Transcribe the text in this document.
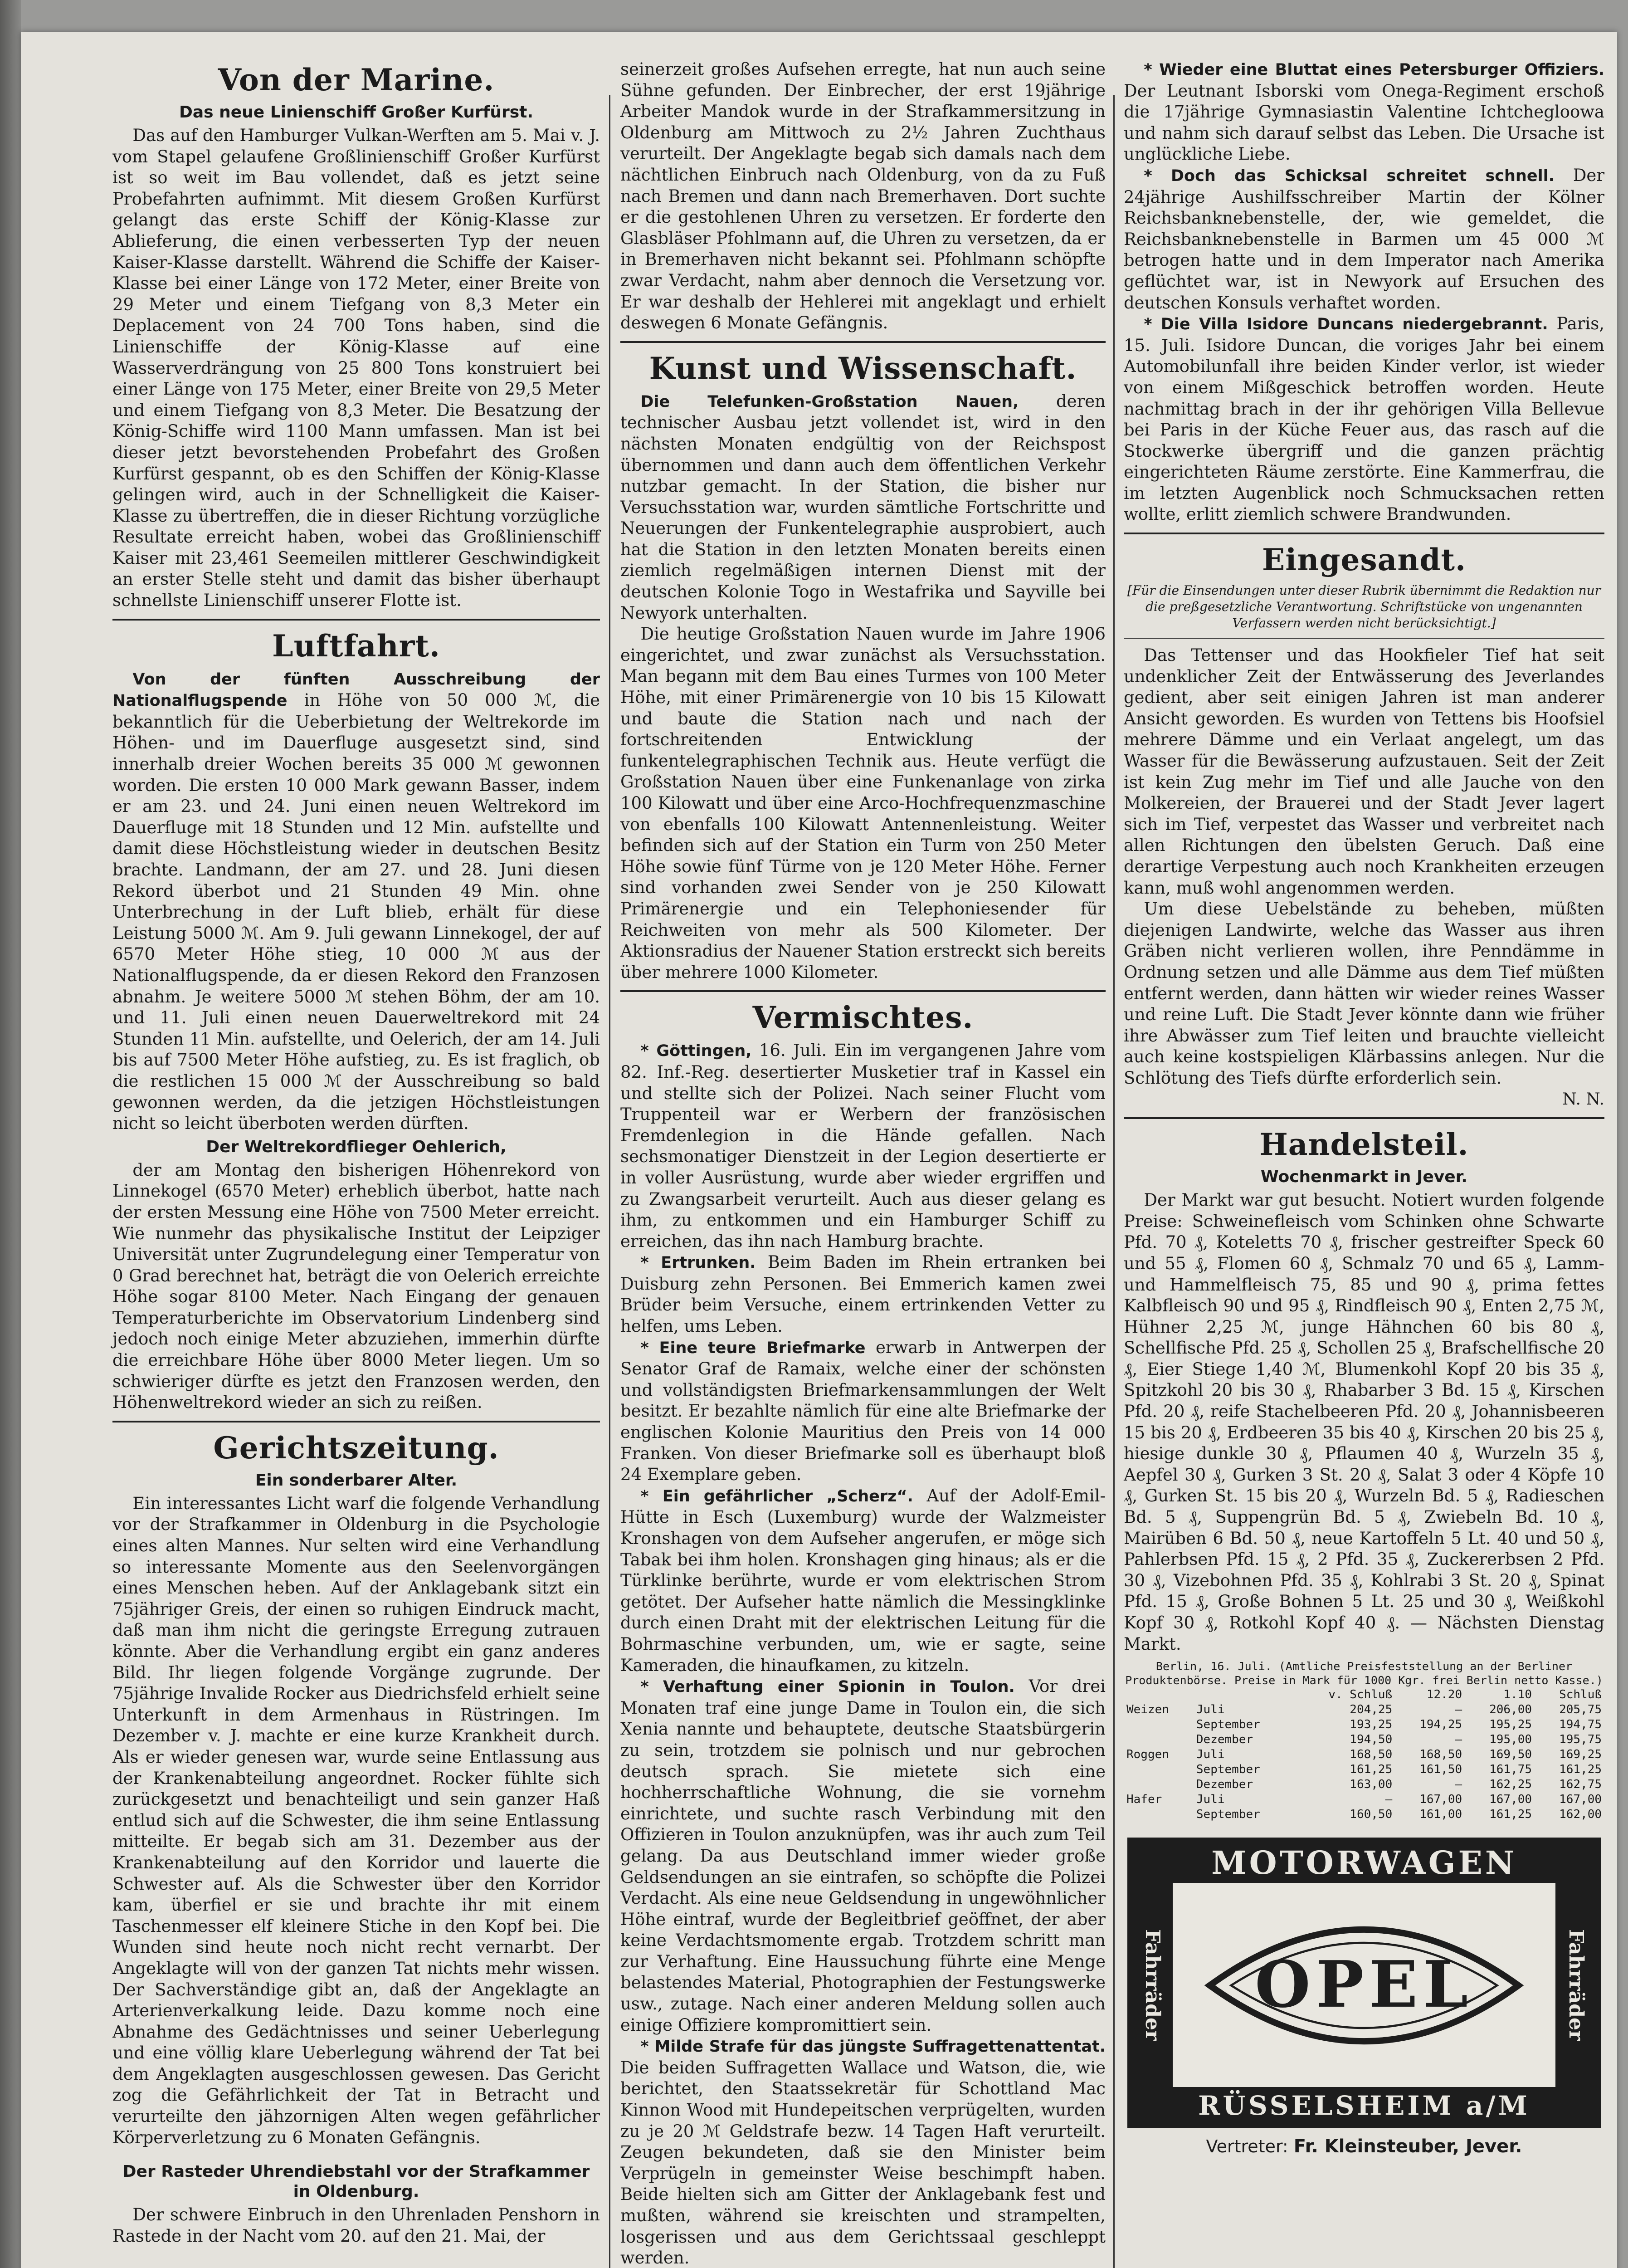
Von der Marine.
Das neue Linienschiff Großer Kurfürst.

Das auf den Hamburger Vulkan-Werften am 5. Mai v. J. vom Stapel gelaufene Großlinienschiff Großer Kurfürst ist so weit im Bau vollendet, daß es jetzt seine Probefahrten aufnimmt. Mit diesem Großen Kurfürst gelangt das erste Schiff der König-Klasse zur Ablieferung, die einen verbesserten Typ der neuen Kaiser-Klasse darstellt. Während die Schiffe der Kaiser-Klasse bei einer Länge von 172 Meter, einer Breite von 29 Meter und einem Tiefgang von 8,3 Meter ein Deplacement von 24 700 Tons haben, sind die Linienschiffe der König-Klasse auf eine Wasserverdrängung von 25 800 Tons konstruiert bei einer Länge von 175 Meter, einer Breite von 29,5 Meter und einem Tiefgang von 8,3 Meter. Die Besatzung der König-Schiffe wird 1100 Mann umfassen. Man ist bei dieser jetzt bevorstehenden Probefahrt des Großen Kurfürst gespannt, ob es den Schiffen der König-Klasse gelingen wird, auch in der Schnelligkeit die Kaiser-Klasse zu übertreffen, die in dieser Richtung vorzügliche Resultate erreicht haben, wobei das Großlinienschiff Kaiser mit 23,461 Seemeilen mittlerer Geschwindigkeit an erster Stelle steht und damit das bisher überhaupt schnellste Linienschiff unserer Flotte ist.

Luftfahrt.

Von der fünften Ausschreibung der Nationalflugspende in Höhe von 50 000 ℳ, die bekanntlich für die Ueberbietung der Weltrekorde im Höhen- und im Dauerfluge ausgesetzt sind, sind innerhalb dreier Wochen bereits 35 000 ℳ gewonnen worden. Die ersten 10 000 Mark gewann Basser, indem er am 23. und 24. Juni einen neuen Weltrekord im Dauerfluge mit 18 Stunden und 12 Min. aufstellte und damit diese Höchstleistung wieder in deutschen Besitz brachte. Landmann, der am 27. und 28. Juni diesen Rekord überbot und 21 Stunden 49 Min. ohne Unterbrechung in der Luft blieb, erhält für diese Leistung 5000 ℳ. Am 9. Juli gewann Linnekogel, der auf 6570 Meter Höhe stieg, 10 000 ℳ aus der Nationalflugspende, da er diesen Rekord den Franzosen abnahm. Je weitere 5000 ℳ stehen Böhm, der am 10. und 11. Juli einen neuen Dauerweltrekord mit 24 Stunden 11 Min. aufstellte, und Oelerich, der am 14. Juli bis auf 7500 Meter Höhe aufstieg, zu. Es ist fraglich, ob die restlichen 15 000 ℳ der Ausschreibung so bald gewonnen werden, da die jetzigen Höchstleistungen nicht so leicht überboten werden dürften.

Der Weltrekordflieger Oehlerich,

der am Montag den bisherigen Höhenrekord von Linnekogel (6570 Meter) erheblich überbot, hatte nach der ersten Messung eine Höhe von 7500 Meter erreicht. Wie nunmehr das physikalische Institut der Leipziger Universität unter Zugrundelegung einer Temperatur von 0 Grad berechnet hat, beträgt die von Oelerich erreichte Höhe sogar 8100 Meter. Nach Eingang der genauen Temperaturberichte im Observatorium Lindenberg sind jedoch noch einige Meter abzuziehen, immerhin dürfte die erreichbare Höhe über 8000 Meter liegen. Um so schwieriger dürfte es jetzt den Franzosen werden, den Höhenweltrekord wieder an sich zu reißen.

Gerichtszeitung.
Ein sonderbarer Alter.

Ein interessantes Licht warf die folgende Verhandlung vor der Strafkammer in Oldenburg in die Psychologie eines alten Mannes. Nur selten wird eine Verhandlung so interessante Momente aus den Seelenvorgängen eines Menschen heben. Auf der Anklagebank sitzt ein 75jähriger Greis, der einen so ruhigen Eindruck macht, daß man ihm nicht die geringste Erregung zutrauen könnte. Aber die Verhandlung ergibt ein ganz anderes Bild. Ihr liegen folgende Vorgänge zugrunde. Der 75jährige Invalide Rocker aus Diedrichsfeld erhielt seine Unterkunft in dem Armenhaus in Rüstringen. Im Dezember v. J. machte er eine kurze Krankheit durch. Als er wieder genesen war, wurde seine Entlassung aus der Krankenabteilung angeordnet. Rocker fühlte sich zurückgesetzt und benachteiligt und sein ganzer Haß entlud sich auf die Schwester, die ihm seine Entlassung mitteilte. Er begab sich am 31. Dezember aus der Krankenabteilung auf den Korridor und lauerte die Schwester auf. Als die Schwester über den Korridor kam, überfiel er sie und brachte ihr mit einem Taschenmesser elf kleinere Stiche in den Kopf bei. Die Wunden sind heute noch nicht recht vernarbt. Der Angeklagte will von der ganzen Tat nichts mehr wissen. Der Sachverständige gibt an, daß der Angeklagte an Arterienverkalkung leide. Dazu komme noch eine Abnahme des Gedächtnisses und seiner Ueberlegung und eine völlig klare Ueberlegung während der Tat bei dem Angeklagten ausgeschlossen gewesen. Das Gericht zog die Gefährlichkeit der Tat in Betracht und verurteilte den jähzornigen Alten wegen gefährlicher Körperverletzung zu 6 Monaten Gefängnis.

Der Rasteder Uhrendiebstahl vor der Strafkammer in Oldenburg.

Der schwere Einbruch in den Uhrenladen Penshorn in Rastede in der Nacht vom 20. auf den 21. Mai, der

seinerzeit großes Aufsehen erregte, hat nun auch seine Sühne gefunden. Der Einbrecher, der erst 19jährige Arbeiter Mandok wurde in der Strafkammersitzung in Oldenburg am Mittwoch zu 2½ Jahren Zuchthaus verurteilt. Der Angeklagte begab sich damals nach dem nächtlichen Einbruch nach Oldenburg, von da zu Fuß nach Bremen und dann nach Bremerhaven. Dort suchte er die gestohlenen Uhren zu versetzen. Er forderte den Glasbläser Pfohlmann auf, die Uhren zu versetzen, da er in Bremerhaven nicht bekannt sei. Pfohlmann schöpfte zwar Verdacht, nahm aber dennoch die Versetzung vor. Er war deshalb der Hehlerei mit angeklagt und erhielt deswegen 6 Monate Gefängnis.

Kunst und Wissenschaft.

Die Telefunken-Großstation Nauen, deren technischer Ausbau jetzt vollendet ist, wird in den nächsten Monaten endgültig von der Reichspost übernommen und dann auch dem öffentlichen Verkehr nutzbar gemacht. In der Station, die bisher nur Versuchsstation war, wurden sämtliche Fortschritte und Neuerungen der Funkentelegraphie ausprobiert, auch hat die Station in den letzten Monaten bereits einen ziemlich regelmäßigen internen Dienst mit der deutschen Kolonie Togo in Westafrika und Sayville bei Newyork unterhalten.

Die heutige Großstation Nauen wurde im Jahre 1906 eingerichtet, und zwar zunächst als Versuchsstation. Man begann mit dem Bau eines Turmes von 100 Meter Höhe, mit einer Primärenergie von 10 bis 15 Kilowatt und baute die Station nach und nach der fortschreitenden Entwicklung der funkentelegraphischen Technik aus. Heute verfügt die Großstation Nauen über eine Funkenanlage von zirka 100 Kilowatt und über eine Arco-Hochfrequenzmaschine von ebenfalls 100 Kilowatt Antennenleistung. Weiter befinden sich auf der Station ein Turm von 250 Meter Höhe sowie fünf Türme von je 120 Meter Höhe. Ferner sind vorhanden zwei Sender von je 250 Kilowatt Primärenergie und ein Telephoniesender für Reichweiten von mehr als 500 Kilometer. Der Aktionsradius der Nauener Station erstreckt sich bereits über mehrere 1000 Kilometer.

Vermischtes.

* Göttingen, 16. Juli. Ein im vergangenen Jahre vom 82. Inf.-Reg. desertierter Musketier traf in Kassel ein und stellte sich der Polizei. Nach seiner Flucht vom Truppenteil war er Werbern der französischen Fremdenlegion in die Hände gefallen. Nach sechsmonatiger Dienstzeit in der Legion desertierte er in voller Ausrüstung, wurde aber wieder ergriffen und zu Zwangsarbeit verurteilt. Auch aus dieser gelang es ihm, zu entkommen und ein Hamburger Schiff zu erreichen, das ihn nach Hamburg brachte.

* Ertrunken. Beim Baden im Rhein ertranken bei Duisburg zehn Personen. Bei Emmerich kamen zwei Brüder beim Versuche, einem ertrinkenden Vetter zu helfen, ums Leben.

* Eine teure Briefmarke erwarb in Antwerpen der Senator Graf de Ramaix, welche einer der schönsten und vollständigsten Briefmarkensammlungen der Welt besitzt. Er bezahlte nämlich für eine alte Briefmarke der englischen Kolonie Mauritius den Preis von 14 000 Franken. Von dieser Briefmarke soll es überhaupt bloß 24 Exemplare geben.

* Ein gefährlicher „Scherz“. Auf der Adolf-Emil-Hütte in Esch (Luxemburg) wurde der Walzmeister Kronshagen von dem Aufseher angerufen, er möge sich Tabak bei ihm holen. Kronshagen ging hinaus; als er die Türklinke berührte, wurde er vom elektrischen Strom getötet. Der Aufseher hatte nämlich die Messingklinke durch einen Draht mit der elektrischen Leitung für die Bohrmaschine verbunden, um, wie er sagte, seine Kameraden, die hinaufkamen, zu kitzeln.

* Verhaftung einer Spionin in Toulon. Vor drei Monaten traf eine junge Dame in Toulon ein, die sich Xenia nannte und behauptete, deutsche Staatsbürgerin zu sein, trotzdem sie polnisch und nur gebrochen deutsch sprach. Sie mietete sich eine hochherrschaftliche Wohnung, die sie vornehm einrichtete, und suchte rasch Verbindung mit den Offizieren in Toulon anzuknüpfen, was ihr auch zum Teil gelang. Da aus Deutschland immer wieder große Geldsendungen an sie eintrafen, so schöpfte die Polizei Verdacht. Als eine neue Geldsendung in ungewöhnlicher Höhe eintraf, wurde der Begleitbrief geöffnet, der aber keine Verdachtsmomente ergab. Trotzdem schritt man zur Verhaftung. Eine Haussuchung führte eine Menge belastendes Material, Photographien der Festungswerke usw., zutage. Nach einer anderen Meldung sollen auch einige Offiziere kompromittiert sein.

* Milde Strafe für das jüngste Suffragettenattentat. Die beiden Suffragetten Wallace und Watson, die, wie berichtet, den Staatssekretär für Schottland Mac Kinnon Wood mit Hundepeitschen verprügelten, wurden zu je 20 ℳ Geldstrafe bezw. 14 Tagen Haft verurteilt. Zeugen bekundeten, daß sie den Minister beim Verprügeln in gemeinster Weise beschimpft haben. Beide hielten sich am Gitter der Anklagebank fest und mußten, während sie kreischten und strampelten, losgerissen und aus dem Gerichtssaal geschleppt werden.

* Wieder eine Bluttat eines Petersburger Offiziers. Der Leutnant Isborski vom Onega-Regiment erschoß die 17jährige Gymnasiastin Valentine Ichtchegloowa und nahm sich darauf selbst das Leben. Die Ursache ist unglückliche Liebe.

* Doch das Schicksal schreitet schnell. Der 24jährige Aushilfsschreiber Martin der Kölner Reichsbanknebenstelle, der, wie gemeldet, die Reichsbanknebenstelle in Barmen um 45 000 ℳ betrogen hatte und in dem Imperator nach Amerika geflüchtet war, ist in Newyork auf Ersuchen des deutschen Konsuls verhaftet worden.

* Die Villa Isidore Duncans niedergebrannt. Paris, 15. Juli. Isidore Duncan, die voriges Jahr bei einem Automobilunfall ihre beiden Kinder verlor, ist wieder von einem Mißgeschick betroffen worden. Heute nachmittag brach in der ihr gehörigen Villa Bellevue bei Paris in der Küche Feuer aus, das rasch auf die Stockwerke übergriff und die ganzen prächtig eingerichteten Räume zerstörte. Eine Kammerfrau, die im letzten Augenblick noch Schmucksachen retten wollte, erlitt ziemlich schwere Brandwunden.

Eingesandt.
[Für die Einsendungen unter dieser Rubrik übernimmt die Redaktion nur die preßgesetzliche Verantwortung. Schriftstücke von ungenannten Verfassern werden nicht berücksichtigt.]

Das Tettenser und das Hookfieler Tief hat seit undenklicher Zeit der Entwässerung des Jeverlandes gedient, aber seit einigen Jahren ist man anderer Ansicht geworden. Es wurden von Tettens bis Hoofsiel mehrere Dämme und ein Verlaat angelegt, um das Wasser für die Bewässerung aufzustauen. Seit der Zeit ist kein Zug mehr im Tief und alle Jauche von den Molkereien, der Brauerei und der Stadt Jever lagert sich im Tief, verpestet das Wasser und verbreitet nach allen Richtungen den übelsten Geruch. Daß eine derartige Verpestung auch noch Krankheiten erzeugen kann, muß wohl angenommen werden.

Um diese Uebelstände zu beheben, müßten diejenigen Landwirte, welche das Wasser aus ihren Gräben nicht verlieren wollen, ihre Penndämme in Ordnung setzen und alle Dämme aus dem Tief müßten entfernt werden, dann hätten wir wieder reines Wasser und reine Luft. Die Stadt Jever könnte dann wie früher ihre Abwässer zum Tief leiten und brauchte vielleicht auch keine kostspieligen Klärbassins anlegen. Nur die Schlötung des Tiefs dürfte erforderlich sein.

N. N.
Handelsteil.
Wochenmarkt in Jever.

Der Markt war gut besucht. Notiert wurden folgende Preise: Schweinefleisch vom Schinken ohne Schwarte Pfd. 70 ₰, Koteletts 70 ₰, frischer gestreifter Speck 60 und 55 ₰, Flomen 60 ₰, Schmalz 70 und 65 ₰, Lamm- und Hammelfleisch 75, 85 und 90 ₰, prima fettes Kalbfleisch 90 und 95 ₰, Rindfleisch 90 ₰, Enten 2,75 ℳ, Hühner 2,25 ℳ, junge Hähnchen 60 bis 80 ₰, Schellfische Pfd. 25 ₰, Schollen 25 ₰, Brafschellfische 20 ₰, Eier Stiege 1,40 ℳ, Blumenkohl Kopf 20 bis 35 ₰, Spitzkohl 20 bis 30 ₰, Rhabarber 3 Bd. 15 ₰, Kirschen Pfd. 20 ₰, reife Stachelbeeren Pfd. 20 ₰, Johannisbeeren 15 bis 20 ₰, Erdbeeren 35 bis 40 ₰, Kirschen 20 bis 25 ₰, hiesige dunkle 30 ₰, Pflaumen 40 ₰, Wurzeln 35 ₰, Aepfel 30 ₰, Gurken 3 St. 20 ₰, Salat 3 oder 4 Köpfe 10 ₰, Gurken St. 15 bis 20 ₰, Wurzeln Bd. 5 ₰, Radieschen Bd. 5 ₰, Suppengrün Bd. 5 ₰, Zwiebeln Bd. 10 ₰, Mairüben 6 Bd. 50 ₰, neue Kartoffeln 5 Lt. 40 und 50 ₰, Pahlerbsen Pfd. 15 ₰, 2 Pfd. 35 ₰, Zuckererbsen 2 Pfd. 30 ₰, Vizebohnen Pfd. 35 ₰, Kohlrabi 3 St. 20 ₰, Spinat Pfd. 15 ₰, Große Bohnen 5 Lt. 25 und 30 ₰, Weißkohl Kopf 30 ₰, Rotkohl Kopf 40 ₰. — Nächsten Dienstag Markt.

Berlin, 16. Juli. (Amtliche Preisfeststellung an der Berliner Produktenbörse. Preise in Mark für 1000 Kgr. frei Berlin netto Kasse.)
		v. Schluß	12.20	1.10	Schluß
Weizen	Juli	204,25	—	206,00	205,75
	September	193,25	194,25	195,25	194,75
	Dezember	194,50	—	195,00	195,75
Roggen	Juli	168,50	168,50	169,50	169,25
	September	161,25	161,50	161,75	161,25
	Dezember	163,00	—	162,25	162,75
Hafer	Juli	—	167,00	167,00	167,00
	September	160,50	161,00	161,25	162,00
MOTORWAGEN
Fahrräder	Fahrräder
OPEL
RÜSSELSHEIM a/M
Vertreter: Fr. Kleinsteuber, Jever.
